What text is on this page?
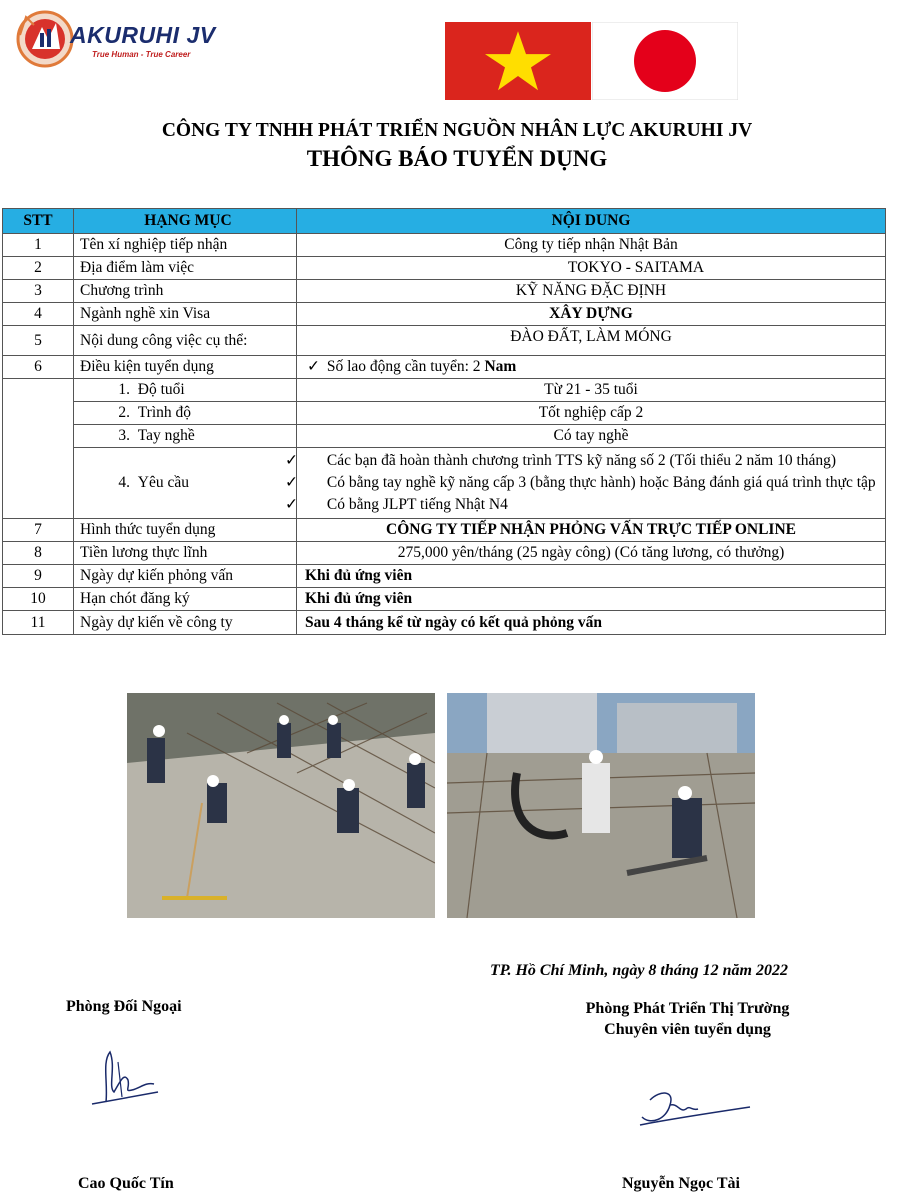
AKURUHI JV
True Human - True Career
CÔNG TY TNHH PHÁT TRIỂN NGUỒN NHÂN LỰC AKURUHI JV
THÔNG BÁO TUYỂN DỤNG
STT	HẠNG MỤC	NỘI DUNG
1	Tên xí nghiệp tiếp nhận	Công ty tiếp nhận Nhật Bản
2	Địa điểm làm việc	TOKYO - SAITAMA
3	Chương trình	KỸ NĂNG ĐẶC ĐỊNH
4	Ngành nghề xin Visa	XÂY DỰNG
5	Nội dung công việc cụ thể:	ĐÀO ĐẤT, LÀM MÓNG
6	Điều kiện tuyển dụng	✓ Số lao động cần tuyển: 2 Nam
	1. Độ tuổi	Từ 21 - 35 tuổi
	2. Trình độ	Tốt nghiệp cấp 2
	3. Tay nghề	Có tay nghề
	4. Yêu cầu	✓ Các bạn đã hoàn thành chương trình TTS kỹ năng số 2 (Tối thiểu 2 năm 10 tháng)
✓ Có bằng tay nghề kỹ năng cấp 3 (bằng thực hành) hoặc Bảng đánh giá quá trình thực tập
✓ Có bằng JLPT tiếng Nhật N4

7	Hình thức tuyển dụng	CÔNG TY TIẾP NHẬN PHỎNG VẤN TRỰC TIẾP ONLINE
8	Tiền lương thực lĩnh	275,000 yên/tháng (25 ngày công) (Có tăng lương, có thưởng)
9	Ngày dự kiến phỏng vấn	Khi đủ ứng viên
10	Hạn chót đăng ký	Khi đủ ứng viên
11	Ngày dự kiến về công ty	Sau 4 tháng kể từ ngày có kết quả phỏng vấn
TP. Hồ Chí Minh, ngày 8 tháng 12 năm 2022
Phòng Đối Ngoại	Phòng Phát Triển Thị Trường
Chuyên viên tuyển dụng
Cao Quốc Tín	Nguyễn Ngọc Tài
